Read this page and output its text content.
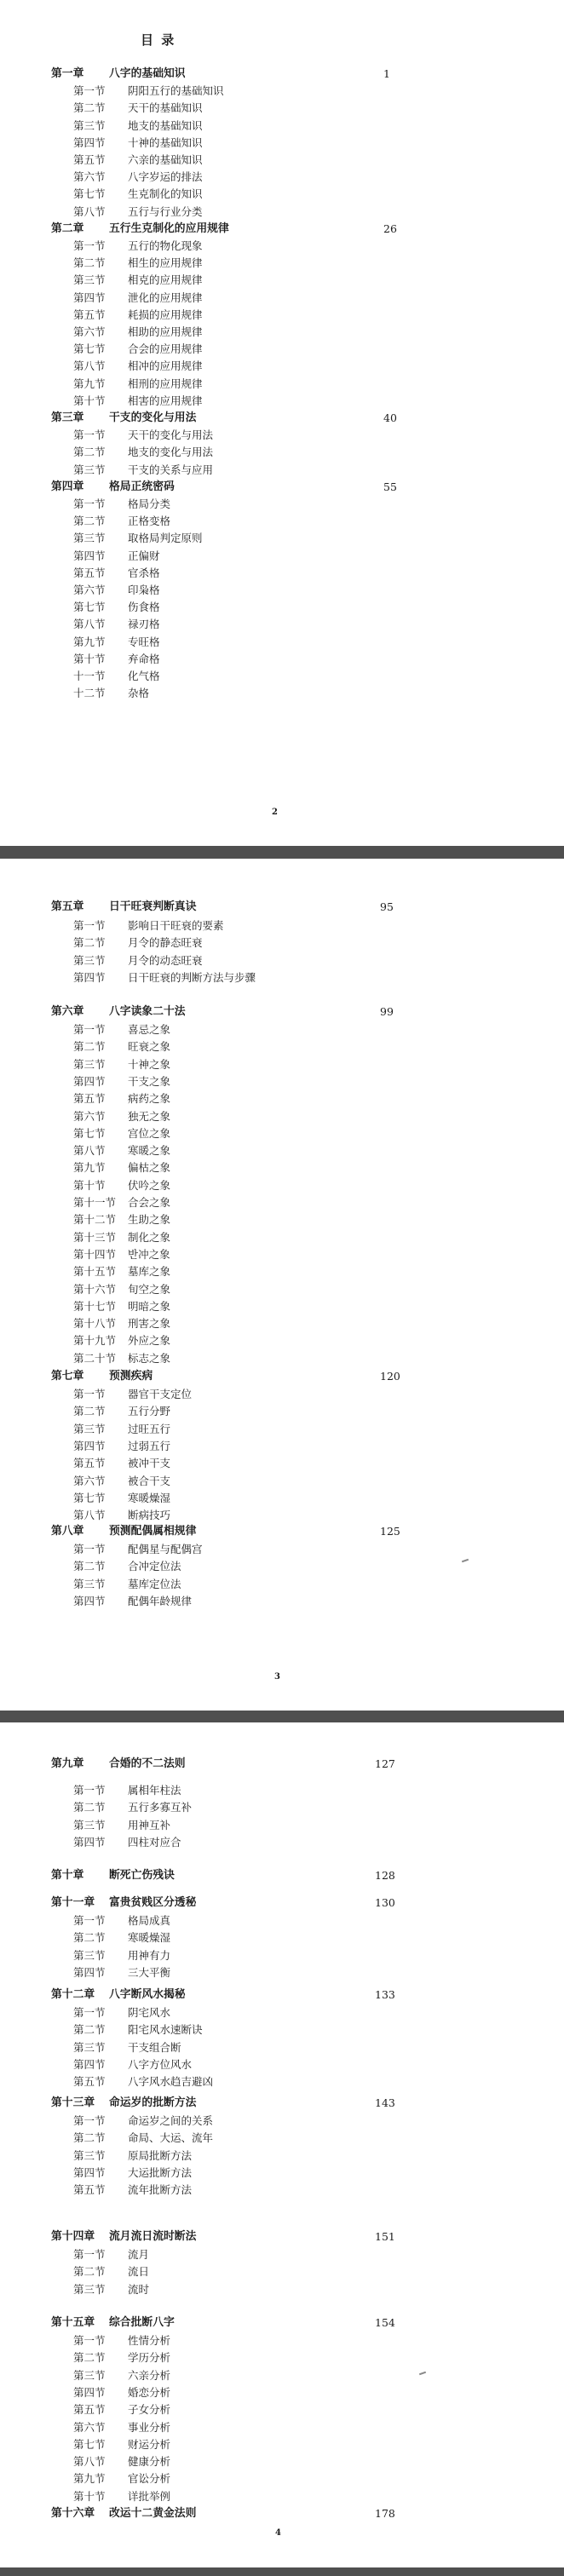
目 录
2
第一章 八字的基础知识	1
第一节 阴阳五行的基础知识
第二节 天干的基础知识
第三节 地支的基础知识
第四节 十神的基础知识
第五节 六亲的基础知识
第六节 八字岁运的排法
第七节 生克制化的知识
第八节 五行与行业分类
第二章 五行生克制化的应用规律	26
第一节 五行的物化现象
第二节 相生的应用规律
第三节 相克的应用规律
第四节 泄化的应用规律
第五节 耗损的应用规律
第六节 相助的应用规律
第七节 合会的应用规律
第八节 相冲的应用规律
第九节 相刑的应用规律
第十节 相害的应用规律
第三章 干支的变化与用法	40
第一节 天干的变化与用法
第二节 地支的变化与用法
第三节 干支的关系与应用
第四章 格局正统密码	55
第一节 格局分类
第二节 正格变格
第三节 取格局判定原则
第四节 正偏财
第五节 官杀格
第六节 印枭格
第七节 伤食格
第八节 禄刃格
第九节 专旺格
第十节 弃命格
十一节 化气格
十二节 杂格
3
第五章 日干旺衰判断真诀	95
第一节 影响日干旺衰的要素
第二节 月令的静态旺衰
第三节 月令的动态旺衰
第四节 日干旺衰的判断方法与步骤
第六章 八字读象二十法	99
第一节 喜忌之象
第二节 旺衰之象
第三节 十神之象
第四节 干支之象
第五节 病药之象
第六节 独无之象
第七节 宫位之象
第八节 寒暖之象
第九节 偏枯之象
第十节 伏吟之象
第十一节 合会之象
第十二节 生助之象
第十三节 制化之象
第十四节 반冲之象
第十五节 墓库之象
第十六节 旬空之象
第十七节 明暗之象
第十八节 刑害之象
第十九节 外应之象
第二十节 标志之象
第七章 预测疾病	120
第一节 器官干支定位
第二节 五行分野
第三节 过旺五行
第四节 过弱五行
第五节 被冲干支
第六节 被合干支
第七节 寒暖燥湿
第八节 断病技巧
第八章 预测配偶属相规律	125
第一节 配偶星与配偶宫
第二节 合冲定位法
第三节 墓库定位法
第四节 配偶年龄规律
4
第九章 合婚的不二法则	127
第一节 属相年柱法
第二节 五行多寡互补
第三节 用神互补
第四节 四柱对应合
第十章 断死亡伤残诀	128
第十一章 富贵贫贱区分透秘	130
第一节 格局成真
第二节 寒暖燥湿
第三节 用神有力
第四节 三大平衡
第十二章 八字断风水揭秘	133
第一节 阴宅风水
第二节 阳宅风水速断诀
第三节 干支组合断
第四节 八字方位风水
第五节 八字风水趋吉避凶
第十三章 命运岁的批断方法	143
第一节 命运岁之间的关系
第二节 命局、大运、流年
第三节 原局批断方法
第四节 大运批断方法
第五节 流年批断方法
第十四章 流月流日流时断法	151
第一节 流月
第二节 流日
第三节 流时
第十五章 综合批断八字	154
第一节 性情分析
第二节 学历分析
第三节 六亲分析
第四节 婚恋分析
第五节 子女分析
第六节 事业分析
第七节 财运分析
第八节 健康分析
第九节 官讼分析
第十节 详批举例
第十六章 改运十二黄金法则	178
